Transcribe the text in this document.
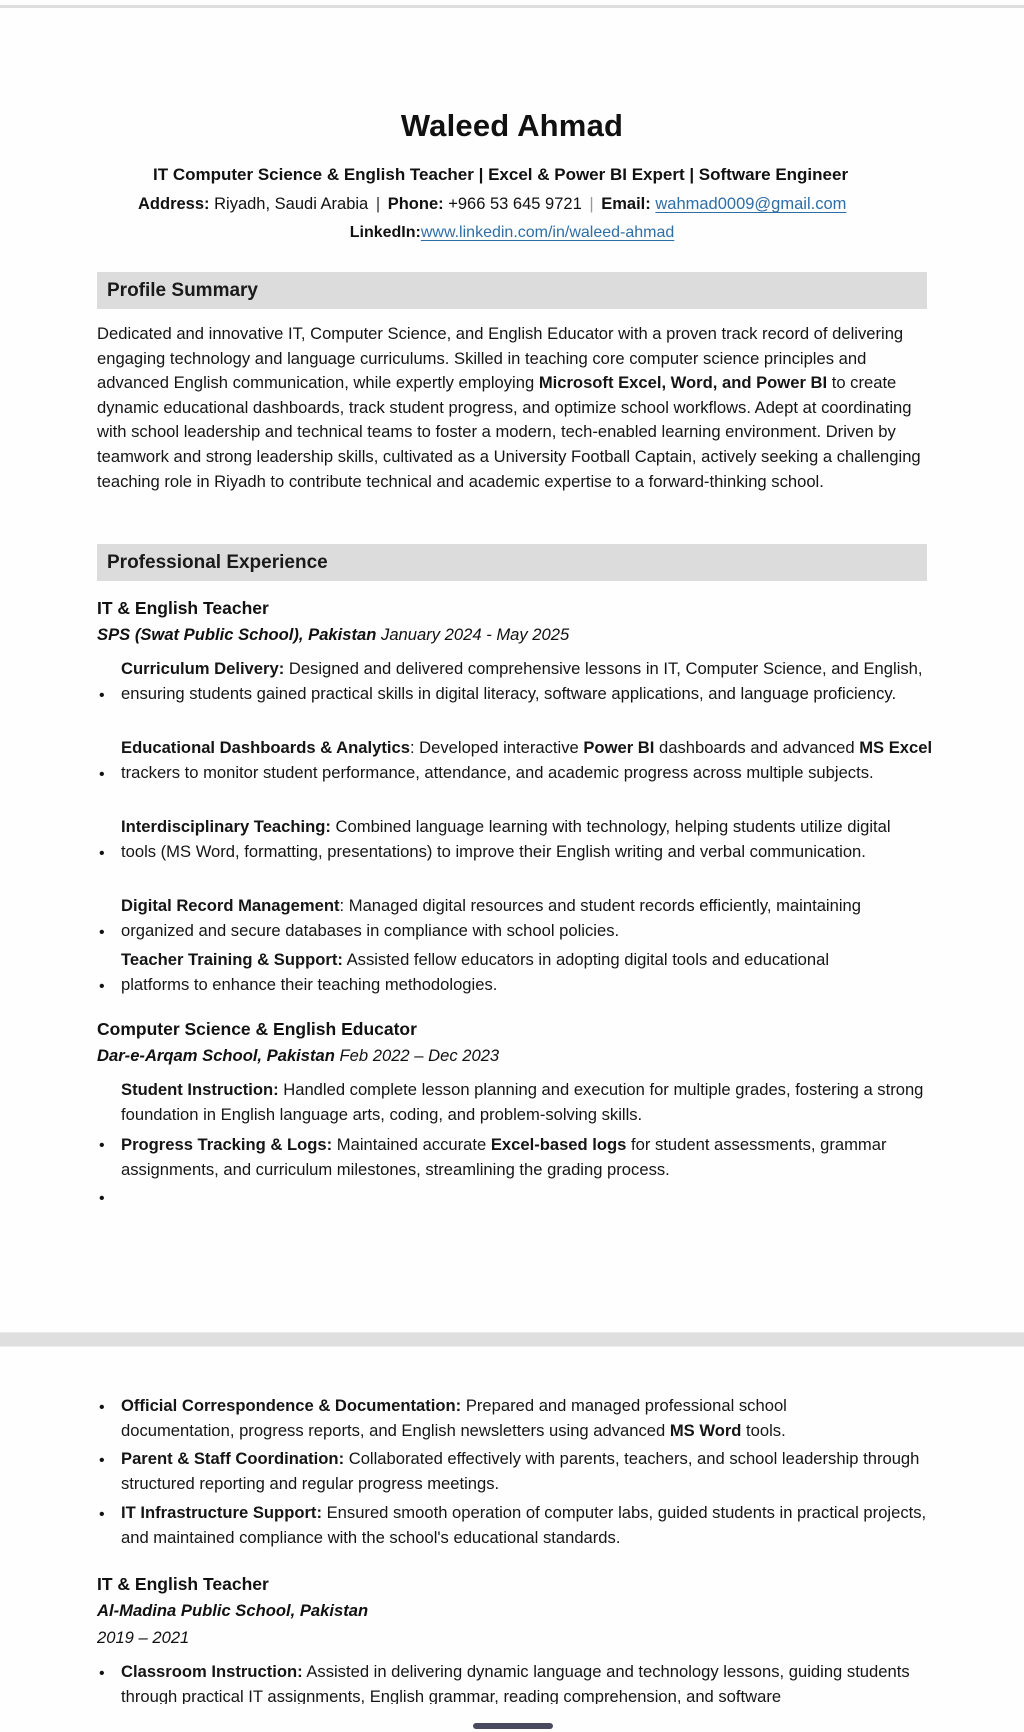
Waleed Ahmad
IT Computer Science & English Teacher | Excel & Power BI Expert | Software Engineer
Address: Riyadh, Saudi Arabia | Phone: +966 53 645 9721 | Email: wahmad0009@gmail.com
LinkedIn:www.linkedin.com/in/waleed-ahmad
Profile Summary
Dedicated and innovative IT, Computer Science, and English Educator with a proven track record of delivering engaging technology and language curriculums. Skilled in teaching core computer science principles and advanced English communication, while expertly employing Microsoft Excel, Word, and Power BI to create dynamic educational dashboards, track student progress, and optimize school workflows. Adept at coordinating with school leadership and technical teams to foster a modern, tech-enabled learning environment. Driven by teamwork and strong leadership skills, cultivated as a University Football Captain, actively seeking a challenging teaching role in Riyadh to contribute technical and academic expertise to a forward-thinking school.
Professional Experience
IT & English Teacher
SPS (Swat Public School), Pakistan January 2024 - May 2025
Curriculum Delivery: Designed and delivered comprehensive lessons in IT, Computer Science, and English, ensuring students gained practical skills in digital literacy, software applications, and language proficiency.
•
Educational Dashboards & Analytics: Developed interactive Power BI dashboards and advanced MS Excel trackers to monitor student performance, attendance, and academic progress across multiple subjects.
•
Interdisciplinary Teaching: Combined language learning with technology, helping students utilize digital tools (MS Word, formatting, presentations) to improve their English writing and verbal communication.
•
Digital Record Management: Managed digital resources and student records efficiently, maintaining organized and secure databases in compliance with school policies.
•
Teacher Training & Support: Assisted fellow educators in adopting digital tools and educational platforms to enhance their teaching methodologies.
•
Computer Science & English Educator
Dar-e-Arqam School, Pakistan Feb 2022 – Dec 2023
Student Instruction: Handled complete lesson planning and execution for multiple grades, fostering a strong foundation in English language arts, coding, and problem-solving skills.
Progress Tracking & Logs: Maintained accurate Excel-based logs for student assessments, grammar assignments, and curriculum milestones, streamlining the grading process.
•
•
• Official Correspondence & Documentation: Prepared and managed professional school documentation, progress reports, and English newsletters using advanced MS Word tools.
• Parent & Staff Coordination: Collaborated effectively with parents, teachers, and school leadership through structured reporting and regular progress meetings.
• IT Infrastructure Support: Ensured smooth operation of computer labs, guided students in practical projects, and maintained compliance with the school's educational standards.
IT & English Teacher
Al-Madina Public School, Pakistan
2019 – 2021
• Classroom Instruction: Assisted in delivering dynamic language and technology lessons, guiding students through practical IT assignments, English grammar, reading comprehension, and software
